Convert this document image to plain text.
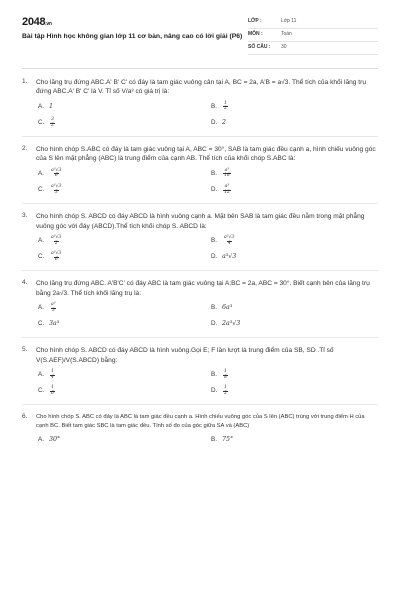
2048.vn
Bài tập Hình học không gian lớp 11 cơ bản, nâng cao có lời giải (P6)
LỚP :	Lớp 11
MÔN :	Toán
SỐ CÂU : 30
1. Cho lăng trụ đứng ABC.A' B' C' có đáy là tam giác vuông cân tại A, BC = 2a, A'B = a√3. Thể tích của khối lăng trụ đứng ABC.A' B' C' là V. Tỉ số V/a³ có giá trị là:
A. 1	B.	$\frac{1}{2}$
C.	$\frac{3}{2}$	D. 2
2. Cho hình chóp S.ABC có đáy là tam giác vuông tại A, ABC = 30°, SAB là tam giác đều cạnh a, hình chiếu vuông góc của S lên mặt phẳng (ABC) là trung điểm của cạnh AB. Thể tích của khối chóp S.ABC là:
A.	$\frac{\text{a³√3}}{6}$	B.	$\frac{\text{a³}}{18}$
C.	$\frac{\text{a³√3}}{3}$	D.	$\frac{\text{a³}}{12}$
3. Cho hình chóp S. ABCD có đáy ABCD là hình vuông cạnh a. Mặt bên SAB là tam giác đều nằm trong mặt phẳng vuông góc với đáy (ABCD).Thể tích khối chóp S. ABCD là:
A.	$\frac{\text{a³√3}}{2}$	B.	$\frac{\text{a³√3}}{4}$
C.	$\frac{\text{a³√3}}{6}$	D. a³√3
4. Cho lăng trụ đứng ABC. A'B'C' có đáy ABC là tam giác vuông tại A;BC = 2a, ABC = 30°. Biết cạnh bên của lăng trụ bằng 2a√3. Thể tích khối lăng trụ là:
A.	$\frac{\text{a³}}{3}$	B. 6a³
C. 3a³	D. 2a³√3
5. Cho hình chóp S. ABCD có đáy ABCD là hình vuông.Gọi E; F lần lượt là trung điểm của SB, SD .Tỉ số V(S.AEF)/V(S.ABCD) bằng:
A.	$\frac{1}{4}$	B.	$\frac{1}{8}$
C.	$\frac{1}{6}$	D.	$\frac{1}{2}$
6. Cho hình chóp S. ABC có đáy là ABC là tam giác đều cạnh a. Hình chiếu vuông góc của S lên (ABC) trùng với trung điểm H của cạnh BC. Biết tam giác SBC là tam giác đều. Tính số đo của góc giữa SA và (ABC)
A. 30°	B. 75°
